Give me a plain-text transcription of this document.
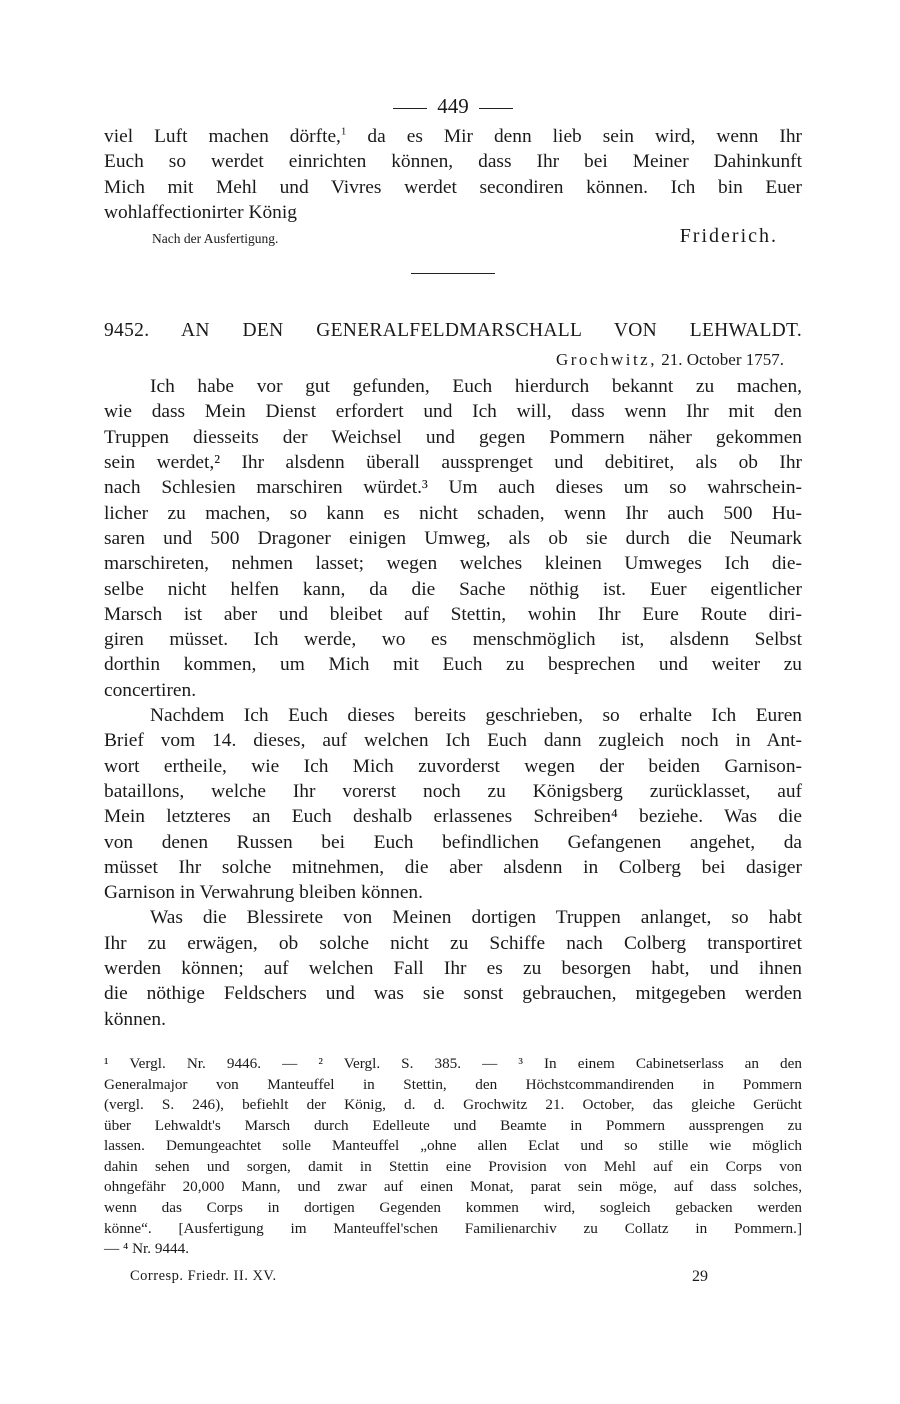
449
viel Luft machen dörfte,$^1$ da es Mir denn lieb sein wird, wenn Ihr
Euch so werdet einrichten können, dass Ihr bei Meiner Dahinkunft
Mich mit Mehl und Vivres werdet secondiren können. Ich bin Euer
wohlaffectionirter König
Nach der Ausfertigung.	Friderich.
9452. AN DEN GENERALFELDMARSCHALL VON LEHWALDT.
Grochwitz, 21. October 1757.
Ich habe vor gut gefunden, Euch hierdurch bekannt zu machen,
wie dass Mein Dienst erfordert und Ich will, dass wenn Ihr mit den
Truppen diesseits der Weichsel und gegen Pommern näher gekommen
sein werdet,² Ihr alsdenn überall aussprenget und debitiret, als ob Ihr
nach Schlesien marschiren würdet.³ Um auch dieses um so wahrschein-
licher zu machen, so kann es nicht schaden, wenn Ihr auch 500 Hu-
saren und 500 Dragoner einigen Umweg, als ob sie durch die Neumark
marschireten, nehmen lasset; wegen welches kleinen Umweges Ich die-
selbe nicht helfen kann, da die Sache nöthig ist. Euer eigentlicher
Marsch ist aber und bleibet auf Stettin, wohin Ihr Eure Route diri-
giren müsset. Ich werde, wo es menschmöglich ist, alsdenn Selbst
dorthin kommen, um Mich mit Euch zu besprechen und weiter zu
concertiren.
Nachdem Ich Euch dieses bereits geschrieben, so erhalte Ich Euren
Brief vom 14. dieses, auf welchen Ich Euch dann zugleich noch in Ant-
wort ertheile, wie Ich Mich zuvorderst wegen der beiden Garnison-
bataillons, welche Ihr vorerst noch zu Königsberg zurücklasset, auf
Mein letzteres an Euch deshalb erlassenes Schreiben⁴ beziehe. Was die
von denen Russen bei Euch befindlichen Gefangenen angehet, da
müsset Ihr solche mitnehmen, die aber alsdenn in Colberg bei dasiger
Garnison in Verwahrung bleiben können.
Was die Blessirete von Meinen dortigen Truppen anlanget, so habt
Ihr zu erwägen, ob solche nicht zu Schiffe nach Colberg transportiret
werden können; auf welchen Fall Ihr es zu besorgen habt, und ihnen
die nöthige Feldschers und was sie sonst gebrauchen, mitgegeben werden
können.
¹ Vergl. Nr. 9446. — ² Vergl. S. 385. — ³ In einem Cabinetserlass an den
Generalmajor von Manteuffel in Stettin, den Höchstcommandirenden in Pommern
(vergl. S. 246), befiehlt der König, d. d. Grochwitz 21. October, das gleiche Gerücht
über Lehwaldt's Marsch durch Edelleute und Beamte in Pommern aussprengen zu
lassen. Demungeachtet solle Manteuffel „ohne allen Eclat und so stille wie möglich
dahin sehen und sorgen, damit in Stettin eine Provision von Mehl auf ein Corps von
ohngefähr 20,000 Mann, und zwar auf einen Monat, parat sein möge, auf dass solches,
wenn das Corps in dortigen Gegenden kommen wird, sogleich gebacken werden
könne“. [Ausfertigung im Manteuffel'schen Familienarchiv zu Collatz in Pommern.]
— ⁴ Nr. 9444.
Corresp. Friedr. II. XV.	29
